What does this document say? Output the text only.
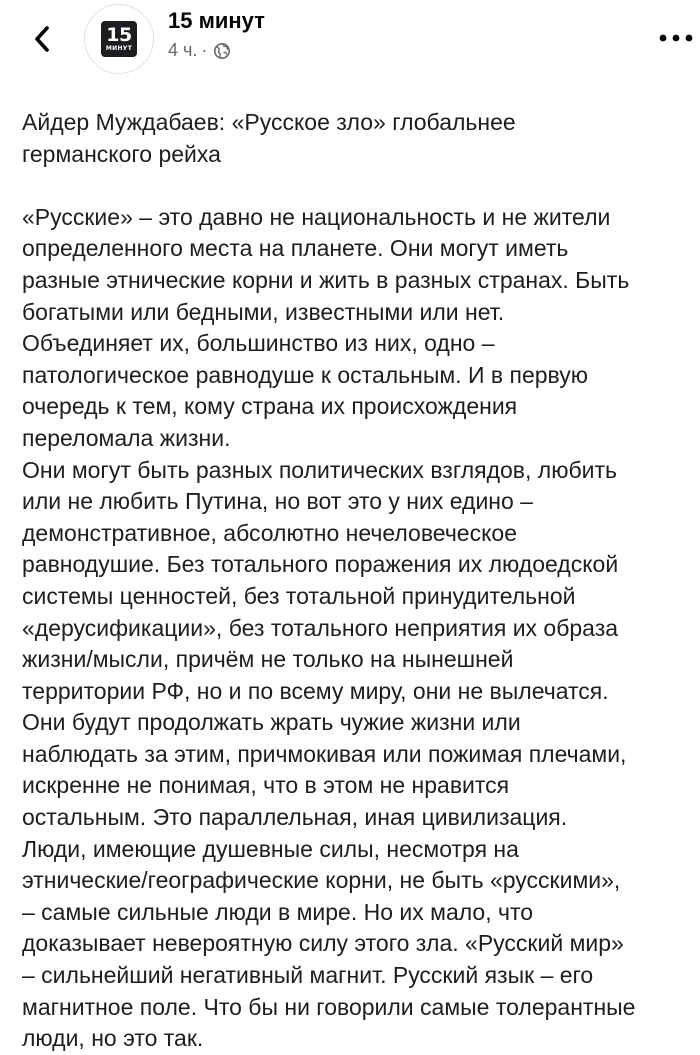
15
МИНУТ
15 минут
4 ч. ·
Айдер Муждабаев: «Русское зло» глобальнее
германского рейха

«Русские» – это давно не национальность и не жители

определенного места на планете. Они могут иметь

разные этнические корни и жить в разных странах. Быть

богатыми или бедными, известными или нет.

Объединяет их, большинство из них, одно –

патологическое равнодуше к остальным. И в первую

очередь к тем, кому страна их происхождения

переломала жизни.

Они могут быть разных политических взглядов, любить

или не любить Путина, но вот это у них едино –

демонстративное, абсолютно нечеловеческое

равнодушие. Без тотального поражения их людоедской

системы ценностей, без тотальной принудительной

«дерусификации», без тотального неприятия их образа

жизни/мысли, причём не только на нынешней

территории РФ, но и по всему миру, они не вылечатся.

Они будут продолжать жрать чужие жизни или

наблюдать за этим, причмокивая или пожимая плечами,

искренне не понимая, что в этом не нравится

остальным. Это параллельная, иная цивилизация.

Люди, имеющие душевные силы, несмотря на

этнические/географические корни, не быть «русскими»,

– самые сильные люди в мире. Но их мало, что

доказывает невероятную силу этого зла. «Русский мир»

– сильнейший негативный магнит. Русский язык – его

магнитное поле. Что бы ни говорили самые толерантные

люди, но это так.
